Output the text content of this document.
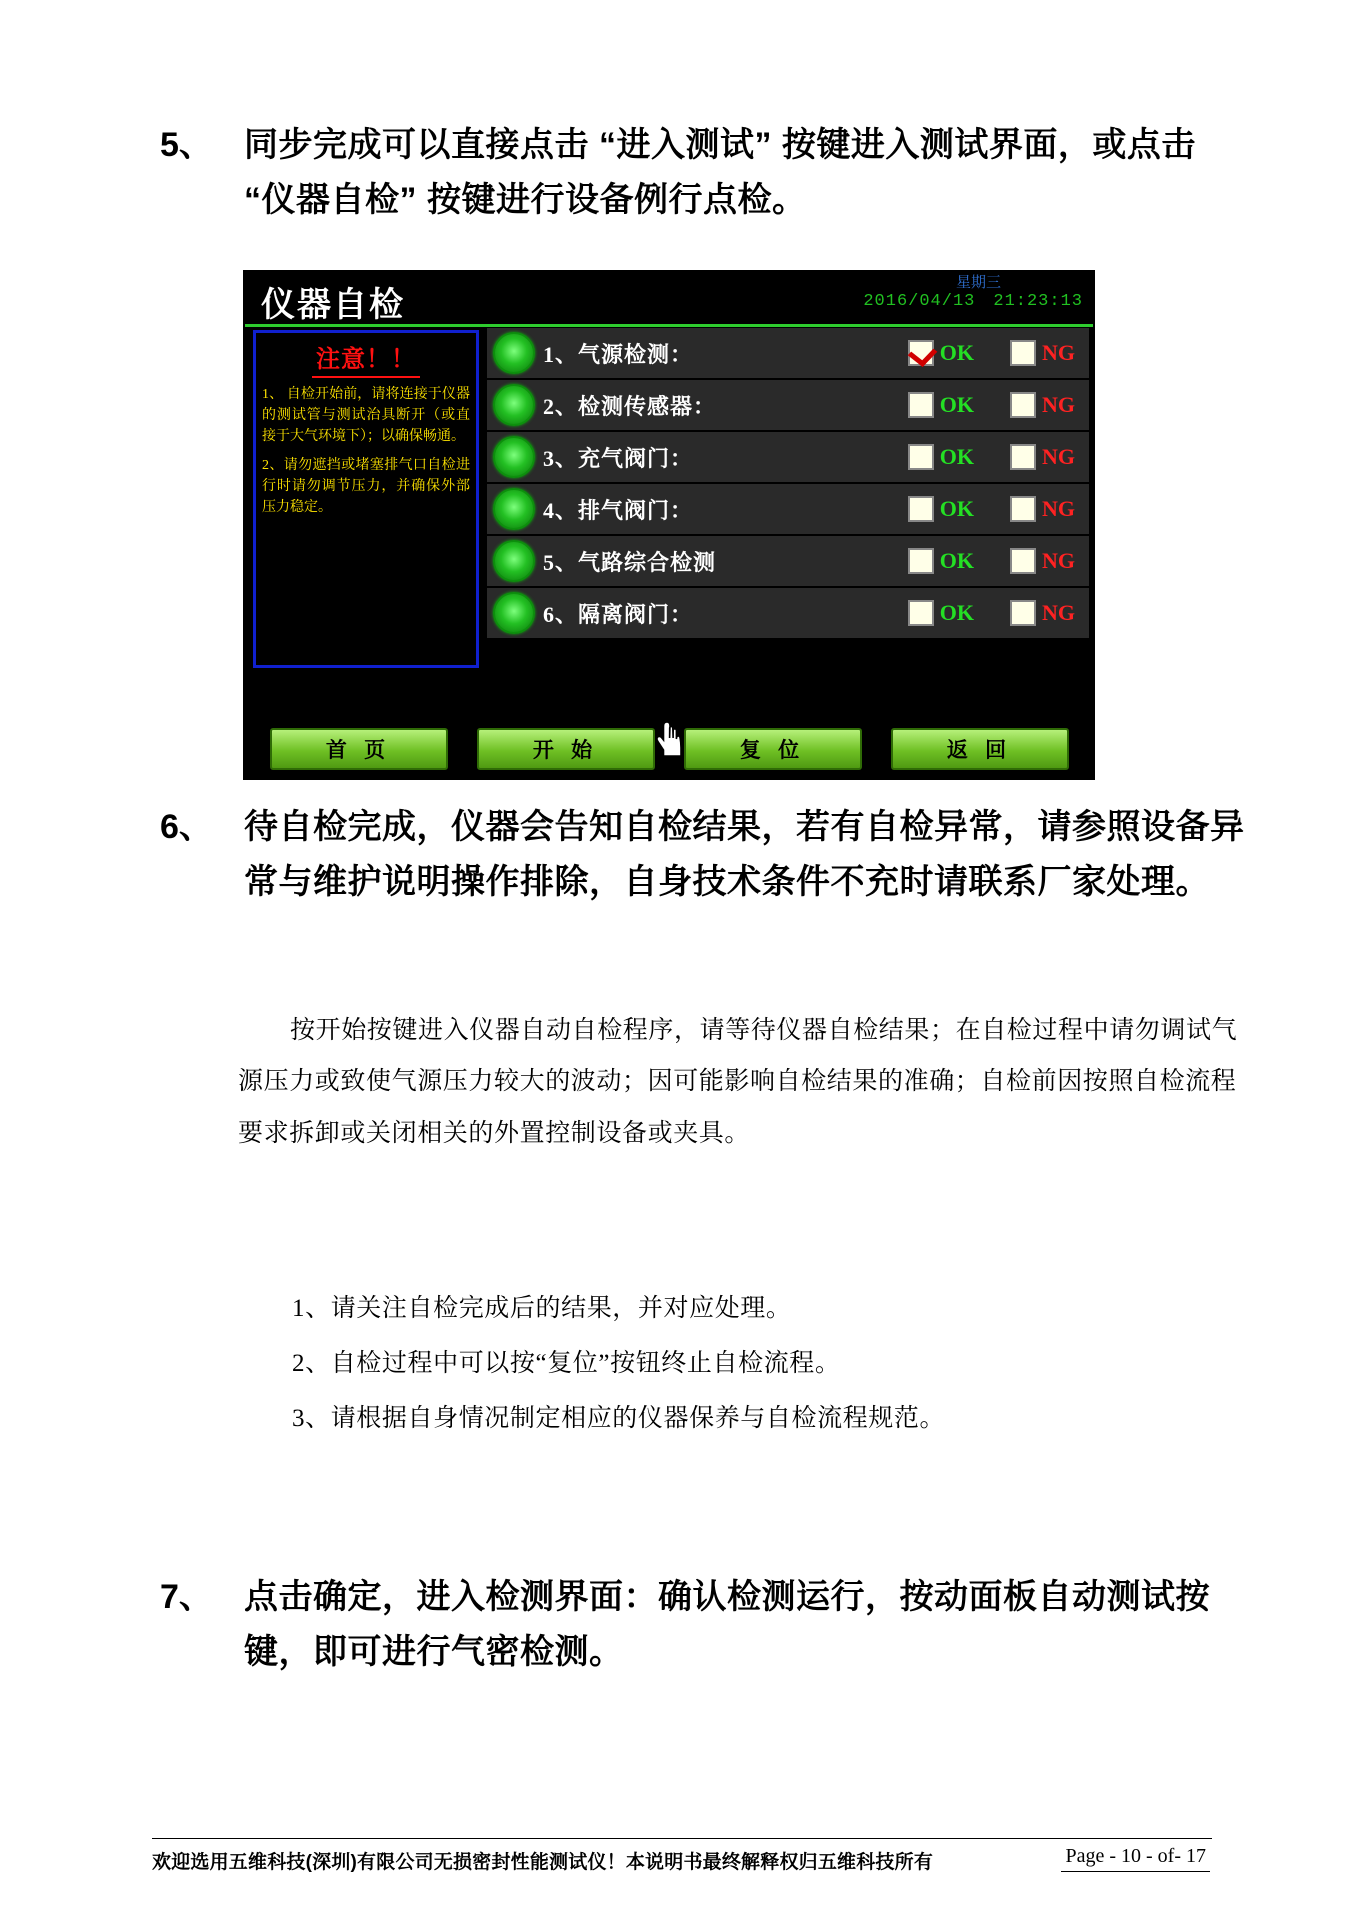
5、 同步完成可以直接点击 “进入测试” 按键进入测试界面，或点击 “仪器自检” 按键进行设备例行点检。
仪器自检
星期三
2016/04/13 21:23:13
注意！！
1、 自检开始前，请将连接于仪器的测试管与测试治具断开（或直接于大气环境下）；以确保畅通。
2、请勿遮挡或堵塞排气口自检进行时请勿调节压力，并确保外部压力稳定。
1、气源检测：	OK	NG
2、检测传感器：	OK	NG
3、充气阀门：	OK	NG
4、排气阀门：	OK	NG
5、气路综合检测	OK	NG
6、隔离阀门：	OK	NG
首 页	开 始	复 位	返 回
6、 待自检完成，仪器会告知自检结果，若有自检异常，请参照设备异常与维护说明操作排除，自身技术条件不充时请联系厂家处理。
按开始按键进入仪器自动自检程序，请等待仪器自检结果；在自检过程中请勿调试气源压力或致使气源压力较大的波动；因可能影响自检结果的准确；自检前因按照自检流程要求拆卸或关闭相关的外置控制设备或夹具。
1、请关注自检完成后的结果，并对应处理。
2、自检过程中可以按“复位”按钮终止自检流程。
3、请根据自身情况制定相应的仪器保养与自检流程规范。
7、 点击确定，进入检测界面：确认检测运行，按动面板自动测试按键，即可进行气密检测。
欢迎选用五维科技(深圳)有限公司无损密封性能测试仪！本说明书最终解释权归五维科技所有	Page - 10 - of- 17
